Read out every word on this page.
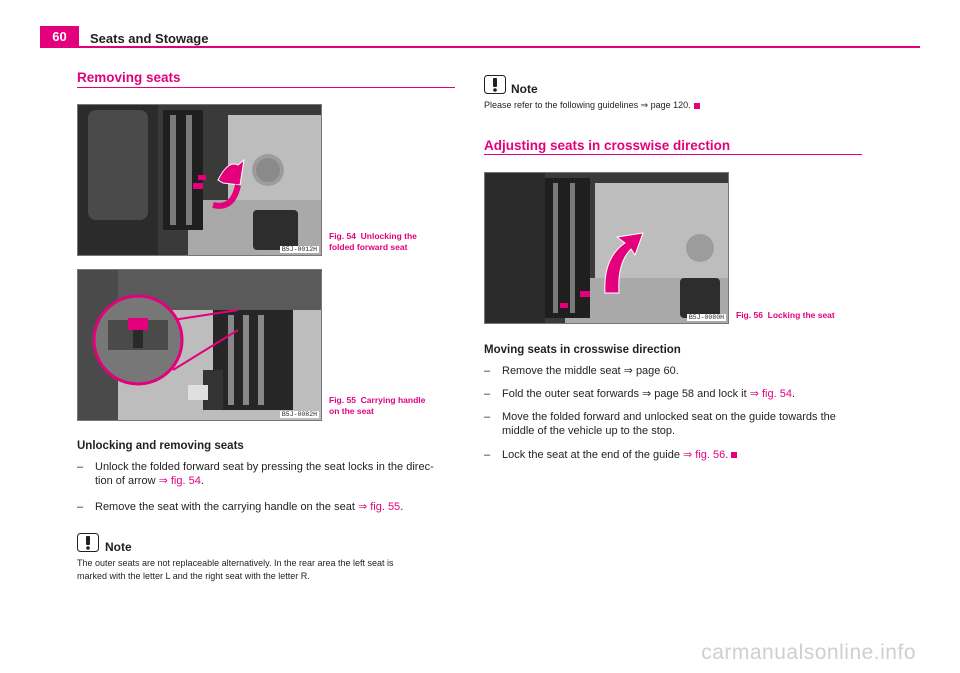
60	Seats and Stowage
Removing seats
B5J-0012H
Fig. 54 Unlocking the
folded forward seat
B5J-0082H
Fig. 55 Carrying handle
on the seat
Unlocking and removing seats
–	Unlock the folded forward seat by pressing the seat locks in the direc-
tion of arrow ⇒ fig. 54.
–	Remove the seat with the carrying handle on the seat ⇒ fig. 55.
Note
The outer seats are not replaceable alternatively. In the rear area the left seat is
marked with the letter L and the right seat with the letter R.
Note
Please refer to the following guidelines ⇒ page 120.
Adjusting seats in crosswise direction
B5J-0080H Fig. 56 Locking the seat
Moving seats in crosswise direction
–	Remove the middle seat ⇒ page 60.
–	Fold the outer seat forwards ⇒ page 58 and lock it ⇒ fig. 54.
–	Move the folded forward and unlocked seat on the guide towards the
middle of the vehicle up to the stop.
–	Lock the seat at the end of the guide ⇒ fig. 56.
carmanualsonline.info
